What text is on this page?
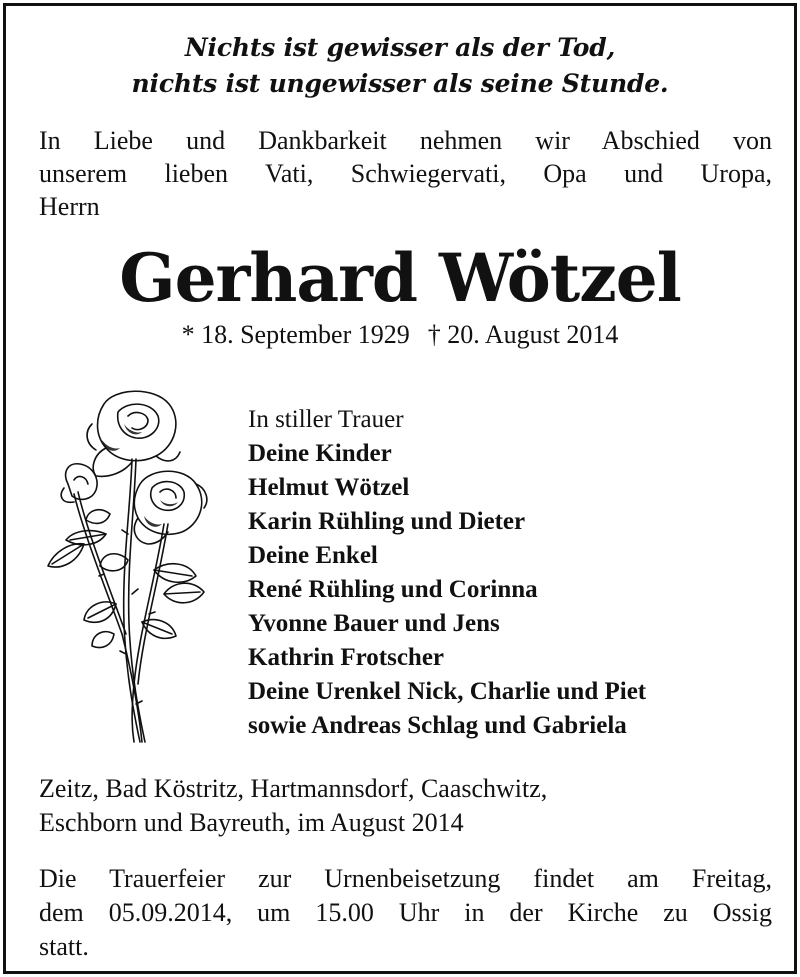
Nichts ist gewisser als der Tod,
nichts ist ungewisser als seine Stunde.
In Liebe und Dankbarkeit nehmen wir Abschied von
unserem lieben Vati, Schwiegervati, Opa und Uropa,
Herrn
Gerhard Wötzel
* 18. September 1929 † 20. August 2014
In stiller Trauer
Deine Kinder
Helmut Wötzel
Karin Rühling und Dieter
Deine Enkel
René Rühling und Corinna
Yvonne Bauer und Jens
Kathrin Frotscher
Deine Urenkel Nick, Charlie und Piet
sowie Andreas Schlag und Gabriela
Zeitz, Bad Köstritz, Hartmannsdorf, Caaschwitz,
Eschborn und Bayreuth, im August 2014
Die Trauerfeier zur Urnenbeisetzung findet am Freitag,
dem 05.09.2014, um 15.00 Uhr in der Kirche zu Ossig
statt.
